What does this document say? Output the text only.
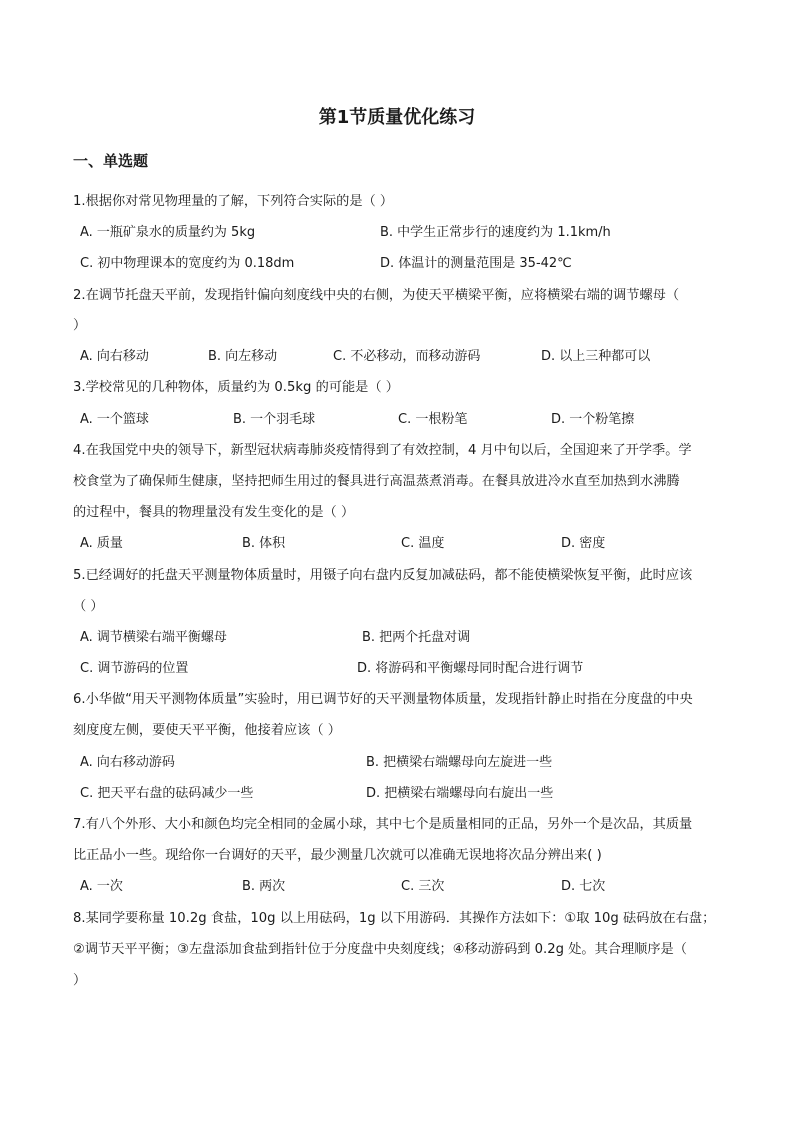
第1节质量优化练习
一、单选题
1.根据你对常见物理量的了解，下列符合实际的是（ ）
A. 一瓶矿泉水的质量约为 5kg	B. 中学生正常步行的速度约为 1.1km/h
C. 初中物理课本的宽度约为 0.18dm	D. 体温计的测量范围是 35-42℃
2.在调节托盘天平前，发现指针偏向刻度线中央的右侧，为使天平横梁平衡，应将横梁右端的调节螺母（
）
A. 向右移动	B. 向左移动	C. 不必移动，而移动游码	D. 以上三种都可以
3.学校常见的几种物体，质量约为 0.5kg 的可能是（ ）
A. 一个篮球	B. 一个羽毛球	C. 一根粉笔	D. 一个粉笔擦
4.在我国党中央的领导下，新型冠状病毒肺炎疫情得到了有效控制，4 月中旬以后，全国迎来了开学季。学
校食堂为了确保师生健康，坚持把师生用过的餐具进行高温蒸煮消毒。在餐具放进冷水直至加热到水沸腾
的过程中，餐具的物理量没有发生变化的是（ ）
A. 质量	B. 体积	C. 温度	D. 密度
5.已经调好的托盘天平测量物体质量时，用镊子向右盘内反复加减砝码，都不能使横梁恢复平衡，此时应该
（ ）
A. 调节横梁右端平衡螺母	B. 把两个托盘对调
C. 调节游码的位置	D. 将游码和平衡螺母同时配合进行调节
6.小华做“用天平测物体质量”实验时，用已调节好的天平测量物体质量，发现指针静止时指在分度盘的中央
刻度度左侧，要使天平平衡，他接着应该（ ）
A. 向右移动游码	B. 把横梁右端螺母向左旋进一些
C. 把天平右盘的砝码减少一些	D. 把横梁右端螺母向右旋出一些
7.有八个外形、大小和颜色均完全相同的金属小球，其中七个是质量相同的正品，另外一个是次品，其质量
比正品小一些。现给你一台调好的天平，最少测量几次就可以准确无误地将次品分辨出来( )
A. 一次	B. 两次	C. 三次	D. 七次
8.某同学要称量 10.2g 食盐，10g 以上用砝码，1g 以下用游码．其操作方法如下：①取 10g 砝码放在右盘；
②调节天平平衡；③左盘添加食盐到指针位于分度盘中央刻度线；④移动游码到 0.2g 处。其合理顺序是（
）
